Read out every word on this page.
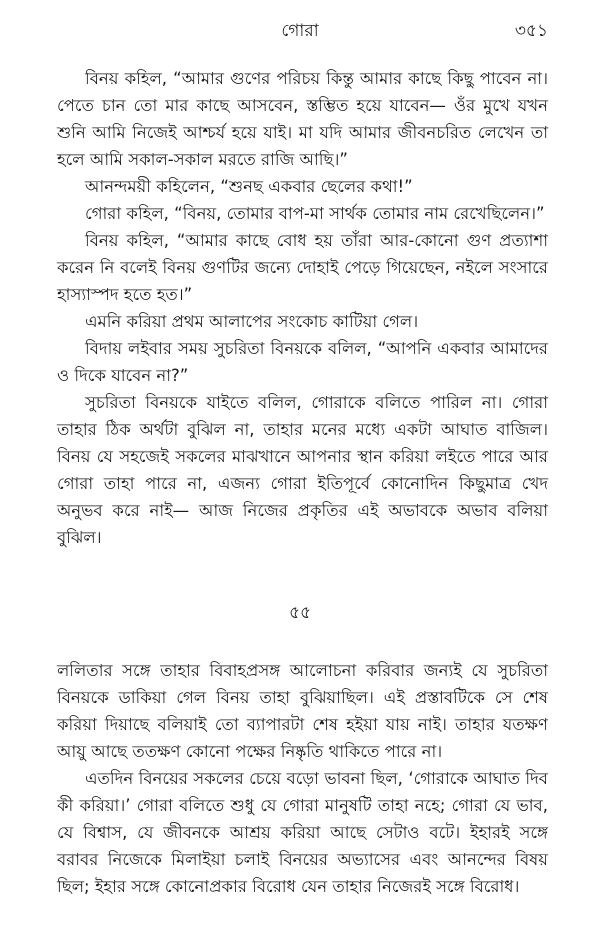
গোরা	৩৫১

বিনয় কহিল, “আমার গুণের পরিচয় কিন্তু আমার কাছে কিছু পাবেন না। পেতে চান তো মার কাছে আসবেন, স্তম্ভিত হয়ে যাবেন— ওঁর মুখে যখন শুনি আমি নিজেই আশ্চর্য হয়ে যাই। মা যদি আমার জীবনচরিত লেখেন তা হলে আমি সকাল-সকাল মরতে রাজি আছি।”

আনন্দময়ী কহিলেন, “শুনছ একবার ছেলের কথা!”

গোরা কহিল, “বিনয়, তোমার বাপ-মা সার্থক তোমার নাম রেখেছিলেন।”

বিনয় কহিল, “আমার কাছে বোধ হয় তাঁরা আর-কোনো গুণ প্রত্যাশা করেন নি বলেই বিনয় গুণটির জন্যে দোহাই পেড়ে গিয়েছেন, নইলে সংসারে হাস্যাস্পদ হতে হত।”

এমনি করিয়া প্রথম আলাপের সংকোচ কাটিয়া গেল।

বিদায় লইবার সময় সুচরিতা বিনয়কে বলিল, “আপনি একবার আমাদের ও দিকে যাবেন না?”

সুচরিতা বিনয়কে যাইতে বলিল, গোরাকে বলিতে পারিল না। গোরা তাহার ঠিক অর্থটা বুঝিল না, তাহার মনের মধ্যে একটা আঘাত বাজিল। বিনয় যে সহজেই সকলের মাঝখানে আপনার স্থান করিয়া লইতে পারে আর গোরা তাহা পারে না, এজন্য গোরা ইতিপূর্বে কোনোদিন কিছুমাত্র খেদ অনুভব করে নাই— আজ নিজের প্রকৃতির এই অভাবকে অভাব বলিয়া বুঝিল।

৫৫

ললিতার সঙ্গে তাহার বিবাহপ্রসঙ্গ আলোচনা করিবার জন্যই যে সুচরিতা বিনয়কে ডাকিয়া গেল বিনয় তাহা বুঝিয়াছিল। এই প্রস্তাবটিকে সে শেষ করিয়া দিয়াছে বলিয়াই তো ব্যাপারটা শেষ হইয়া যায় নাই। তাহার যতক্ষণ আয়ু আছে ততক্ষণ কোনো পক্ষের নিষ্কৃতি থাকিতে পারে না।

এতদিন বিনয়ের সকলের চেয়ে বড়ো ভাবনা ছিল, ‘গোরাকে আঘাত দিব কী করিয়া।’ গোরা বলিতে শুধু যে গোরা মানুষটি তাহা নহে; গোরা যে ভাব, যে বিশ্বাস, যে জীবনকে আশ্রয় করিয়া আছে সেটাও বটে। ইহারই সঙ্গে বরাবর নিজেকে মিলাইয়া চলাই বিনয়ের অভ্যাসের এবং আনন্দের বিষয় ছিল; ইহার সঙ্গে কোনোপ্রকার বিরোধ যেন তাহার নিজেরই সঙ্গে বিরোধ।
